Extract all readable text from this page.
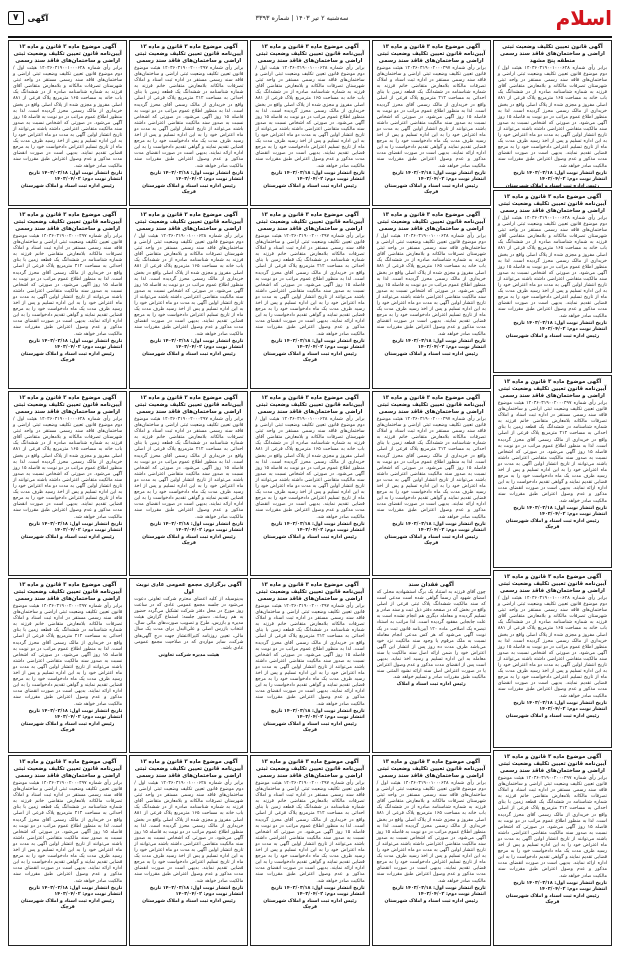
اسلام
سه‌شنبه ۲ تیر ۱۴۰۳ | شماره ۳۳۹۳
آگهی
۷
آگهی قانون تعیین تکلیف وضعیت ثبتی اراضی و ساختمان‌های فاقد سند رسمی منطقه پنج مشهد
برابر رأی شماره ۱۴۰۳۶۰۳۱۹۰۰۱۰۰۰۶۲۸ هیئت اول / دوم موضوع قانون تعیین تکلیف وضعیت ثبتی اراضی و ساختمان‌های فاقد سند رسمی مستقر در واحد ثبتی شهرستان تصرفات مالکانه و بلامعارض متقاضی آقای فرزند به شماره شناسنامه صادره از در ششدانگ یک باب خانه به مساحت ۱۶۵ مترمربع پلاک فرعی از ۸۸۱ اصلی مفروز و مجزی شده از پلاک اصلی واقع در بخش خریداری از مالک رسمی محرز گردیده است. لذا به منظور اطلاع عموم مراتب در دو نوبت به فاصله ۱۵ روز آگهی می‌شود. در صورتی که اشخاص نسبت به صدور سند مالکیت متقاضی اعتراضی داشته باشند می‌توانند از تاریخ انتشار اولین آگهی به مدت دو ماه اعتراض خود را به این اداره تسلیم و پس از اخذ رسید ظرف مدت یک ماه از تاریخ تسلیم اعتراض دادخواست خود را به مرجع قضایی تقدیم نمایند. بدیهی است در صورت انقضای مدت مذکور و عدم وصول اعتراض طبق مقررات سند مالکیت صادر خواهد شد.
تاریخ انتشار نوبت اول: ۱۴۰۳/۰۳/۱۸ تاریخ انتشار نوبت دوم: ۱۴۰۳/۰۴/۰۲
رئیس اداره ثبت اسناد و املاک شهرستان
آگهی موضوع ماده ۳ قانون و ماده ۱۳ آیین‌نامه قانون تعیین تکلیف وضعیت ثبتی اراضی و ساختمان‌های فاقد سند رسمی
برابر رأی شماره ۱۴۰۳۶۰۳۱۹۰۰۱۰۰۰۶۲۸ هیئت اول / دوم موضوع قانون تعیین تکلیف وضعیت ثبتی اراضی و ساختمان‌های فاقد سند رسمی مستقر در واحد ثبتی شهرستان تصرفات مالکانه و بلامعارض متقاضی آقای فرزند به شماره شناسنامه صادره از در ششدانگ یک باب خانه به مساحت ۱۶۵ مترمربع پلاک فرعی از ۸۸۱ اصلی مفروز و مجزی شده از پلاک اصلی واقع در بخش خریداری از مالک رسمی محرز گردیده است. لذا به منظور اطلاع عموم مراتب در دو نوبت به فاصله ۱۵ روز آگهی می‌شود. در صورتی که اشخاص نسبت به صدور سند مالکیت متقاضی اعتراضی داشته باشند می‌توانند از تاریخ انتشار اولین آگهی به مدت دو ماه اعتراض خود را به این اداره تسلیم و پس از اخذ رسید ظرف مدت یک ماه از تاریخ تسلیم اعتراض دادخواست خود را به مرجع قضایی تقدیم نمایند. بدیهی است در صورت انقضای مدت مذکور و عدم وصول اعتراض طبق مقررات سند مالکیت صادر خواهد شد.
تاریخ انتشار نوبت اول: ۱۴۰۳/۰۳/۱۸ تاریخ انتشار نوبت دوم: ۱۴۰۳/۰۴/۰۲
رئیس اداره ثبت اسناد و املاک شهرستان
آگهی موضوع ماده ۳ قانون و ماده ۱۳ آیین‌نامه قانون تعیین تکلیف وضعیت ثبتی اراضی و ساختمان‌های فاقد سند رسمی
برابر رأی شماره ۱۴۰۳۶۰۳۱۹۰۰۲۰۰۰۴۹۷ هیئت موضوع قانون تعیین تکلیف وضعیت ثبتی اراضی و ساختمان‌های فاقد سند رسمی مستقر در اداره ثبت اسناد و املاک تصرفات مالکانه بلامعارض متقاضی خانم فرزند به شماره شناسنامه در ششدانگ یک قطعه زمین با بنای احداثی به مساحت ۲۱۲ مترمربع پلاک فرعی از اصلی واقع در خریداری از مالک رسمی آقای محرز گردیده است. لذا به منظور اطلاع عموم مراتب در دو نوبت به فاصله ۱۵ روز آگهی می‌شود. در صورتی که اشخاص نسبت به صدور سند مالکیت متقاضی اعتراضی داشته باشند می‌توانند از تاریخ انتشار اولین آگهی به مدت دو ماه اعتراض خود را به این اداره تسلیم و پس از اخذ رسید ظرف مدت یک ماه دادخواست خود را به مرجع قضایی تقدیم نمایند و گواهی تقدیم دادخواست را به این اداره ارائه نمایند. بدیهی است در صورت انقضای مدت مذکور و عدم وصول اعتراض طبق مقررات سند مالکیت صادر خواهد شد.
تاریخ انتشار نوبت اول: ۱۴۰۳/۰۳/۱۸ تاریخ انتشار نوبت دوم: ۱۴۰۳/۰۴/۰۲
رئیس اداره ثبت اسناد و املاک شهرستان قرچک
آگهی موضوع ماده ۳ قانون و ماده ۱۳ آیین‌نامه قانون تعیین تکلیف وضعیت ثبتی اراضی و ساختمان‌های فاقد سند رسمی
برابر رأی شماره ۱۴۰۳۶۰۳۱۹۰۰۱۰۰۰۶۲۸ هیئت اول / دوم موضوع قانون تعیین تکلیف وضعیت ثبتی اراضی و ساختمان‌های فاقد سند رسمی مستقر در واحد ثبتی شهرستان تصرفات مالکانه و بلامعارض متقاضی آقای فرزند به شماره شناسنامه صادره از در ششدانگ یک باب خانه به مساحت ۱۶۵ مترمربع پلاک فرعی از ۸۸۱ اصلی مفروز و مجزی شده از پلاک اصلی واقع در بخش خریداری از مالک رسمی محرز گردیده است. لذا به منظور اطلاع عموم مراتب در دو نوبت به فاصله ۱۵ روز آگهی می‌شود. در صورتی که اشخاص نسبت به صدور سند مالکیت متقاضی اعتراضی داشته باشند می‌توانند از تاریخ انتشار اولین آگهی به مدت دو ماه اعتراض خود را به این اداره تسلیم و پس از اخذ رسید ظرف مدت یک ماه از تاریخ تسلیم اعتراض دادخواست خود را به مرجع قضایی تقدیم نمایند. بدیهی است در صورت انقضای مدت مذکور و عدم وصول اعتراض طبق مقررات سند مالکیت صادر خواهد شد.
تاریخ انتشار نوبت اول: ۱۴۰۳/۰۳/۱۸ تاریخ انتشار نوبت دوم: ۱۴۰۳/۰۴/۰۲
رئیس اداره ثبت اسناد و املاک شهرستان
آگهی موضوع ماده ۳ قانون و ماده ۱۳ آیین‌نامه قانون تعیین تکلیف وضعیت ثبتی اراضی و ساختمان‌های فاقد سند رسمی
برابر رأی شماره ۱۴۰۳۶۰۳۱۹۰۰۲۰۰۰۴۹۷ هیئت موضوع قانون تعیین تکلیف وضعیت ثبتی اراضی و ساختمان‌های فاقد سند رسمی مستقر در اداره ثبت اسناد و املاک تصرفات مالکانه بلامعارض متقاضی خانم فرزند به شماره شناسنامه در ششدانگ یک قطعه زمین با بنای احداثی به مساحت ۲۱۲ مترمربع پلاک فرعی از اصلی واقع در خریداری از مالک رسمی آقای محرز گردیده است. لذا به منظور اطلاع عموم مراتب در دو نوبت به فاصله ۱۵ روز آگهی می‌شود. در صورتی که اشخاص نسبت به صدور سند مالکیت متقاضی اعتراضی داشته باشند می‌توانند از تاریخ انتشار اولین آگهی به مدت دو ماه اعتراض خود را به این اداره تسلیم و پس از اخذ رسید ظرف مدت یک ماه دادخواست خود را به مرجع قضایی تقدیم نمایند و گواهی تقدیم دادخواست را به این اداره ارائه نمایند. بدیهی است در صورت انقضای مدت مذکور و عدم وصول اعتراض طبق مقررات سند مالکیت صادر خواهد شد.
تاریخ انتشار نوبت اول: ۱۴۰۳/۰۳/۱۸ تاریخ انتشار نوبت دوم: ۱۴۰۳/۰۴/۰۲
رئیس اداره ثبت اسناد و املاک شهرستان قرچک
آگهی موضوع ماده ۳ قانون و ماده ۱۳ آیین‌نامه قانون تعیین تکلیف وضعیت ثبتی اراضی و ساختمان‌های فاقد سند رسمی
برابر رأی شماره ۱۴۰۳۶۰۳۱۹۰۰۲۰۰۰۴۹۷ هیئت موضوع قانون تعیین تکلیف وضعیت ثبتی اراضی و ساختمان‌های فاقد سند رسمی مستقر در اداره ثبت اسناد و املاک تصرفات مالکانه بلامعارض متقاضی خانم فرزند به شماره شناسنامه در ششدانگ یک قطعه زمین با بنای احداثی به مساحت ۲۱۲ مترمربع پلاک فرعی از اصلی واقع در خریداری از مالک رسمی آقای محرز گردیده است. لذا به منظور اطلاع عموم مراتب در دو نوبت به فاصله ۱۵ روز آگهی می‌شود. در صورتی که اشخاص نسبت به صدور سند مالکیت متقاضی اعتراضی داشته باشند می‌توانند از تاریخ انتشار اولین آگهی به مدت دو ماه اعتراض خود را به این اداره تسلیم و پس از اخذ رسید ظرف مدت یک ماه دادخواست خود را به مرجع قضایی تقدیم نمایند و گواهی تقدیم دادخواست را به این اداره ارائه نمایند. بدیهی است در صورت انقضای مدت مذکور و عدم وصول اعتراض طبق مقررات سند مالکیت صادر خواهد شد.
تاریخ انتشار نوبت اول: ۱۴۰۳/۰۳/۱۸ تاریخ انتشار نوبت دوم: ۱۴۰۳/۰۴/۰۲
رئیس اداره ثبت اسناد و املاک شهرستان قرچک
آگهی موضوع ماده ۳ قانون و ماده ۱۳ آیین‌نامه قانون تعیین تکلیف وضعیت ثبتی اراضی و ساختمان‌های فاقد سند رسمی
برابر رأی شماره ۱۴۰۳۶۰۳۱۹۰۰۱۰۰۰۶۲۸ هیئت اول / دوم موضوع قانون تعیین تکلیف وضعیت ثبتی اراضی و ساختمان‌های فاقد سند رسمی مستقر در واحد ثبتی شهرستان تصرفات مالکانه و بلامعارض متقاضی آقای فرزند به شماره شناسنامه صادره از در ششدانگ یک باب خانه به مساحت ۱۶۵ مترمربع پلاک فرعی از ۸۸۱ اصلی مفروز و مجزی شده از پلاک اصلی واقع در بخش خریداری از مالک رسمی محرز گردیده است. لذا به منظور اطلاع عموم مراتب در دو نوبت به فاصله ۱۵ روز آگهی می‌شود. در صورتی که اشخاص نسبت به صدور سند مالکیت متقاضی اعتراضی داشته باشند می‌توانند از تاریخ انتشار اولین آگهی به مدت دو ماه اعتراض خود را به این اداره تسلیم و پس از اخذ رسید ظرف مدت یک ماه از تاریخ تسلیم اعتراض دادخواست خود را به مرجع قضایی تقدیم نمایند. بدیهی است در صورت انقضای مدت مذکور و عدم وصول اعتراض طبق مقررات سند مالکیت صادر خواهد شد.
تاریخ انتشار نوبت اول: ۱۴۰۳/۰۳/۱۸ تاریخ انتشار نوبت دوم: ۱۴۰۳/۰۴/۰۲
رئیس اداره ثبت اسناد و املاک شهرستان
آگهی موضوع ماده ۳ قانون و ماده ۱۳ آیین‌نامه قانون تعیین تکلیف وضعیت ثبتی اراضی و ساختمان‌های فاقد سند رسمی
برابر رأی شماره ۱۴۰۳۶۰۳۱۹۰۰۲۰۰۰۴۹۷ هیئت موضوع قانون تعیین تکلیف وضعیت ثبتی اراضی و ساختمان‌های فاقد سند رسمی مستقر در اداره ثبت اسناد و املاک تصرفات مالکانه بلامعارض متقاضی خانم فرزند به شماره شناسنامه در ششدانگ یک قطعه زمین با بنای احداثی به مساحت ۲۱۲ مترمربع پلاک فرعی از اصلی واقع در خریداری از مالک رسمی آقای محرز گردیده است. لذا به منظور اطلاع عموم مراتب در دو نوبت به فاصله ۱۵ روز آگهی می‌شود. در صورتی که اشخاص نسبت به صدور سند مالکیت متقاضی اعتراضی داشته باشند می‌توانند از تاریخ انتشار اولین آگهی به مدت دو ماه اعتراض خود را به این اداره تسلیم و پس از اخذ رسید ظرف مدت یک ماه دادخواست خود را به مرجع قضایی تقدیم نمایند و گواهی تقدیم دادخواست را به این اداره ارائه نمایند. بدیهی است در صورت انقضای مدت مذکور و عدم وصول اعتراض طبق مقررات سند مالکیت صادر خواهد شد.
تاریخ انتشار نوبت اول: ۱۴۰۳/۰۳/۱۸ تاریخ انتشار نوبت دوم: ۱۴۰۳/۰۴/۰۲
رئیس اداره ثبت اسناد و املاک شهرستان قرچک
آگهی فقدان سند
چون آقای فرزند به استناد یک برگ استشهادیه محلی که امضای شهود آن رسماً گواهی شده است مدعی است که سند مالکیت ششدانگ پلاک ثبتی فرعی از اصلی واقع در بخش که در صفحه دفتر ذیل ثبت و سند صادر و تسلیم گردیده و معامله دیگری هم انجام نشده است به علت جابجایی مفقود گردیده است. لذا مراتب به استناد تبصره یک اصلاحی ماده ۱۲۰ آیین‌نامه قانون ثبت در یک نوبت آگهی می‌شود که هر کس مدعی انجام معامله نسبت به ملک مرقوم یا وجود سند مالکیت نزد خود می‌باشد ظرف مدت ده روز پس از انتشار این آگهی اعتراض خود را ضمن ارائه اصل سند مالکیت یا سند معامله به این اداره تسلیم و رسید اخذ نماید. بدیهی است پس از انقضای مدت مذکور و عدم وصول اعتراض یا در صورت اعتراض اصل سند ارائه نشود المثنی سند مالکیت طبق مقررات صادر و تسلیم خواهد شد.
رئیس اداره ثبت اسناد و املاک
آگهی موضوع ماده ۳ قانون و ماده ۱۳ آیین‌نامه قانون تعیین تکلیف وضعیت ثبتی اراضی و ساختمان‌های فاقد سند رسمی
برابر رأی شماره ۱۴۰۳۶۰۳۱۹۰۰۱۰۰۰۶۲۸ هیئت اول / دوم موضوع قانون تعیین تکلیف وضعیت ثبتی اراضی و ساختمان‌های فاقد سند رسمی مستقر در واحد ثبتی شهرستان تصرفات مالکانه و بلامعارض متقاضی آقای فرزند به شماره شناسنامه صادره از در ششدانگ یک باب خانه به مساحت ۱۶۵ مترمربع پلاک فرعی از ۸۸۱ اصلی مفروز و مجزی شده از پلاک اصلی واقع در بخش خریداری از مالک رسمی محرز گردیده است. لذا به منظور اطلاع عموم مراتب در دو نوبت به فاصله ۱۵ روز آگهی می‌شود. در صورتی که اشخاص نسبت به صدور سند مالکیت متقاضی اعتراضی داشته باشند می‌توانند از تاریخ انتشار اولین آگهی به مدت دو ماه اعتراض خود را به این اداره تسلیم و پس از اخذ رسید ظرف مدت یک ماه از تاریخ تسلیم اعتراض دادخواست خود را به مرجع قضایی تقدیم نمایند. بدیهی است در صورت انقضای مدت مذکور و عدم وصول اعتراض طبق مقررات سند مالکیت صادر خواهد شد.
تاریخ انتشار نوبت اول: ۱۴۰۳/۰۳/۱۸ تاریخ انتشار نوبت دوم: ۱۴۰۳/۰۴/۰۲
رئیس اداره ثبت اسناد و املاک شهرستان
آگهی موضوع ماده ۳ قانون و ماده ۱۳ آیین‌نامه قانون تعیین تکلیف وضعیت ثبتی اراضی و ساختمان‌های فاقد سند رسمی
برابر رأی شماره ۱۴۰۳۶۰۳۱۹۰۰۱۰۰۰۶۲۸ هیئت اول / دوم موضوع قانون تعیین تکلیف وضعیت ثبتی اراضی و ساختمان‌های فاقد سند رسمی مستقر در واحد ثبتی شهرستان تصرفات مالکانه و بلامعارض متقاضی آقای فرزند به شماره شناسنامه صادره از در ششدانگ یک باب خانه به مساحت ۱۶۵ مترمربع پلاک فرعی از ۸۸۱ اصلی مفروز و مجزی شده از پلاک اصلی واقع در بخش خریداری از مالک رسمی محرز گردیده است. لذا به منظور اطلاع عموم مراتب در دو نوبت به فاصله ۱۵ روز آگهی می‌شود. در صورتی که اشخاص نسبت به صدور سند مالکیت متقاضی اعتراضی داشته باشند می‌توانند از تاریخ انتشار اولین آگهی به مدت دو ماه اعتراض خود را به این اداره تسلیم و پس از اخذ رسید ظرف مدت یک ماه از تاریخ تسلیم اعتراض دادخواست خود را به مرجع قضایی تقدیم نمایند. بدیهی است در صورت انقضای مدت مذکور و عدم وصول اعتراض طبق مقررات سند مالکیت صادر خواهد شد.
تاریخ انتشار نوبت اول: ۱۴۰۳/۰۳/۱۸ تاریخ انتشار نوبت دوم: ۱۴۰۳/۰۴/۰۲
رئیس اداره ثبت اسناد و املاک شهرستان
آگهی موضوع ماده ۳ قانون و ماده ۱۳ آیین‌نامه قانون تعیین تکلیف وضعیت ثبتی اراضی و ساختمان‌های فاقد سند رسمی
برابر رأی شماره ۱۴۰۳۶۰۳۱۹۰۰۲۰۰۰۴۹۷ هیئت موضوع قانون تعیین تکلیف وضعیت ثبتی اراضی و ساختمان‌های فاقد سند رسمی مستقر در اداره ثبت اسناد و املاک تصرفات مالکانه بلامعارض متقاضی خانم فرزند به شماره شناسنامه در ششدانگ یک قطعه زمین با بنای احداثی به مساحت ۲۱۲ مترمربع پلاک فرعی از اصلی واقع در خریداری از مالک رسمی آقای محرز گردیده است. لذا به منظور اطلاع عموم مراتب در دو نوبت به فاصله ۱۵ روز آگهی می‌شود. در صورتی که اشخاص نسبت به صدور سند مالکیت متقاضی اعتراضی داشته باشند می‌توانند از تاریخ انتشار اولین آگهی به مدت دو ماه اعتراض خود را به این اداره تسلیم و پس از اخذ رسید ظرف مدت یک ماه دادخواست خود را به مرجع قضایی تقدیم نمایند و گواهی تقدیم دادخواست را به این اداره ارائه نمایند. بدیهی است در صورت انقضای مدت مذکور و عدم وصول اعتراض طبق مقررات سند مالکیت صادر خواهد شد.
تاریخ انتشار نوبت اول: ۱۴۰۳/۰۳/۱۸ تاریخ انتشار نوبت دوم: ۱۴۰۳/۰۴/۰۲
رئیس اداره ثبت اسناد و املاک شهرستان قرچک
آگهی موضوع ماده ۳ قانون و ماده ۱۳ آیین‌نامه قانون تعیین تکلیف وضعیت ثبتی اراضی و ساختمان‌های فاقد سند رسمی
برابر رأی شماره ۱۴۰۳۶۰۳۱۹۰۰۱۰۰۰۶۲۸ هیئت اول / دوم موضوع قانون تعیین تکلیف وضعیت ثبتی اراضی و ساختمان‌های فاقد سند رسمی مستقر در واحد ثبتی شهرستان تصرفات مالکانه و بلامعارض متقاضی آقای فرزند به شماره شناسنامه صادره از در ششدانگ یک باب خانه به مساحت ۱۶۵ مترمربع پلاک فرعی از ۸۸۱ اصلی مفروز و مجزی شده از پلاک اصلی واقع در بخش خریداری از مالک رسمی محرز گردیده است. لذا به منظور اطلاع عموم مراتب در دو نوبت به فاصله ۱۵ روز آگهی می‌شود. در صورتی که اشخاص نسبت به صدور سند مالکیت متقاضی اعتراضی داشته باشند می‌توانند از تاریخ انتشار اولین آگهی به مدت دو ماه اعتراض خود را به این اداره تسلیم و پس از اخذ رسید ظرف مدت یک ماه از تاریخ تسلیم اعتراض دادخواست خود را به مرجع قضایی تقدیم نمایند. بدیهی است در صورت انقضای مدت مذکور و عدم وصول اعتراض طبق مقررات سند مالکیت صادر خواهد شد.
تاریخ انتشار نوبت اول: ۱۴۰۳/۰۳/۱۸ تاریخ انتشار نوبت دوم: ۱۴۰۳/۰۴/۰۲
رئیس اداره ثبت اسناد و املاک شهرستان
آگهی موضوع ماده ۳ قانون و ماده ۱۳ آیین‌نامه قانون تعیین تکلیف وضعیت ثبتی اراضی و ساختمان‌های فاقد سند رسمی
برابر رأی شماره ۱۴۰۳۶۰۳۱۹۰۰۲۰۰۰۴۹۷ هیئت موضوع قانون تعیین تکلیف وضعیت ثبتی اراضی و ساختمان‌های فاقد سند رسمی مستقر در اداره ثبت اسناد و املاک تصرفات مالکانه بلامعارض متقاضی خانم فرزند به شماره شناسنامه در ششدانگ یک قطعه زمین با بنای احداثی به مساحت ۲۱۲ مترمربع پلاک فرعی از اصلی واقع در خریداری از مالک رسمی آقای محرز گردیده است. لذا به منظور اطلاع عموم مراتب در دو نوبت به فاصله ۱۵ روز آگهی می‌شود. در صورتی که اشخاص نسبت به صدور سند مالکیت متقاضی اعتراضی داشته باشند می‌توانند از تاریخ انتشار اولین آگهی به مدت دو ماه اعتراض خود را به این اداره تسلیم و پس از اخذ رسید ظرف مدت یک ماه دادخواست خود را به مرجع قضایی تقدیم نمایند و گواهی تقدیم دادخواست را به این اداره ارائه نمایند. بدیهی است در صورت انقضای مدت مذکور و عدم وصول اعتراض طبق مقررات سند مالکیت صادر خواهد شد.
تاریخ انتشار نوبت اول: ۱۴۰۳/۰۳/۱۸ تاریخ انتشار نوبت دوم: ۱۴۰۳/۰۴/۰۲
رئیس اداره ثبت اسناد و املاک شهرستان قرچک
آگهی موضوع ماده ۳ قانون و ماده ۱۳ آیین‌نامه قانون تعیین تکلیف وضعیت ثبتی اراضی و ساختمان‌های فاقد سند رسمی
برابر رأی شماره ۱۴۰۳۶۰۳۱۹۰۰۲۰۰۰۴۹۷ هیئت موضوع قانون تعیین تکلیف وضعیت ثبتی اراضی و ساختمان‌های فاقد سند رسمی مستقر در اداره ثبت اسناد و املاک تصرفات مالکانه بلامعارض متقاضی خانم فرزند به شماره شناسنامه در ششدانگ یک قطعه زمین با بنای احداثی به مساحت ۲۱۲ مترمربع پلاک فرعی از اصلی واقع در خریداری از مالک رسمی آقای محرز گردیده است. لذا به منظور اطلاع عموم مراتب در دو نوبت به فاصله ۱۵ روز آگهی می‌شود. در صورتی که اشخاص نسبت به صدور سند مالکیت متقاضی اعتراضی داشته باشند می‌توانند از تاریخ انتشار اولین آگهی به مدت دو ماه اعتراض خود را به این اداره تسلیم و پس از اخذ رسید ظرف مدت یک ماه دادخواست خود را به مرجع قضایی تقدیم نمایند و گواهی تقدیم دادخواست را به این اداره ارائه نمایند. بدیهی است در صورت انقضای مدت مذکور و عدم وصول اعتراض طبق مقررات سند مالکیت صادر خواهد شد.
تاریخ انتشار نوبت اول: ۱۴۰۳/۰۳/۱۸ تاریخ انتشار نوبت دوم: ۱۴۰۳/۰۴/۰۲
رئیس اداره ثبت اسناد و املاک شهرستان قرچک
آگهی موضوع ماده ۳ قانون و ماده ۱۳ آیین‌نامه قانون تعیین تکلیف وضعیت ثبتی اراضی و ساختمان‌های فاقد سند رسمی
برابر رأی شماره ۱۴۰۳۶۰۳۱۹۰۰۲۰۰۰۴۹۷ هیئت موضوع قانون تعیین تکلیف وضعیت ثبتی اراضی و ساختمان‌های فاقد سند رسمی مستقر در اداره ثبت اسناد و املاک تصرفات مالکانه بلامعارض متقاضی خانم فرزند به شماره شناسنامه در ششدانگ یک قطعه زمین با بنای احداثی به مساحت ۲۱۲ مترمربع پلاک فرعی از اصلی واقع در خریداری از مالک رسمی آقای محرز گردیده است. لذا به منظور اطلاع عموم مراتب در دو نوبت به فاصله ۱۵ روز آگهی می‌شود. در صورتی که اشخاص نسبت به صدور سند مالکیت متقاضی اعتراضی داشته باشند می‌توانند از تاریخ انتشار اولین آگهی به مدت دو ماه اعتراض خود را به این اداره تسلیم و پس از اخذ رسید ظرف مدت یک ماه دادخواست خود را به مرجع قضایی تقدیم نمایند و گواهی تقدیم دادخواست را به این اداره ارائه نمایند. بدیهی است در صورت انقضای مدت مذکور و عدم وصول اعتراض طبق مقررات سند مالکیت صادر خواهد شد.
تاریخ انتشار نوبت اول: ۱۴۰۳/۰۳/۱۸ تاریخ انتشار نوبت دوم: ۱۴۰۳/۰۴/۰۲
رئیس اداره ثبت اسناد و املاک شهرستان قرچک
آگهی موضوع ماده ۳ قانون و ماده ۱۳ آیین‌نامه قانون تعیین تکلیف وضعیت ثبتی اراضی و ساختمان‌های فاقد سند رسمی
برابر رأی شماره ۱۴۰۳۶۰۳۱۹۰۰۱۰۰۰۶۲۸ هیئت اول / دوم موضوع قانون تعیین تکلیف وضعیت ثبتی اراضی و ساختمان‌های فاقد سند رسمی مستقر در واحد ثبتی شهرستان تصرفات مالکانه و بلامعارض متقاضی آقای فرزند به شماره شناسنامه صادره از در ششدانگ یک باب خانه به مساحت ۱۶۵ مترمربع پلاک فرعی از ۸۸۱ اصلی مفروز و مجزی شده از پلاک اصلی واقع در بخش خریداری از مالک رسمی محرز گردیده است. لذا به منظور اطلاع عموم مراتب در دو نوبت به فاصله ۱۵ روز آگهی می‌شود. در صورتی که اشخاص نسبت به صدور سند مالکیت متقاضی اعتراضی داشته باشند می‌توانند از تاریخ انتشار اولین آگهی به مدت دو ماه اعتراض خود را به این اداره تسلیم و پس از اخذ رسید ظرف مدت یک ماه از تاریخ تسلیم اعتراض دادخواست خود را به مرجع قضایی تقدیم نمایند. بدیهی است در صورت انقضای مدت مذکور و عدم وصول اعتراض طبق مقررات سند مالکیت صادر خواهد شد.
تاریخ انتشار نوبت اول: ۱۴۰۳/۰۳/۱۸ تاریخ انتشار نوبت دوم: ۱۴۰۳/۰۴/۰۲
رئیس اداره ثبت اسناد و املاک شهرستان
آگهی موضوع ماده ۳ قانون و ماده ۱۳ آیین‌نامه قانون تعیین تکلیف وضعیت ثبتی اراضی و ساختمان‌های فاقد سند رسمی
برابر رأی شماره ۱۴۰۳۶۰۳۱۹۰۰۲۰۰۰۴۹۷ هیئت موضوع قانون تعیین تکلیف وضعیت ثبتی اراضی و ساختمان‌های فاقد سند رسمی مستقر در اداره ثبت اسناد و املاک تصرفات مالکانه بلامعارض متقاضی خانم فرزند به شماره شناسنامه در ششدانگ یک قطعه زمین با بنای احداثی به مساحت ۲۱۲ مترمربع پلاک فرعی از اصلی واقع در خریداری از مالک رسمی آقای محرز گردیده است. لذا به منظور اطلاع عموم مراتب در دو نوبت به فاصله ۱۵ روز آگهی می‌شود. در صورتی که اشخاص نسبت به صدور سند مالکیت متقاضی اعتراضی داشته باشند می‌توانند از تاریخ انتشار اولین آگهی به مدت دو ماه اعتراض خود را به این اداره تسلیم و پس از اخذ رسید ظرف مدت یک ماه دادخواست خود را به مرجع قضایی تقدیم نمایند و گواهی تقدیم دادخواست را به این اداره ارائه نمایند. بدیهی است در صورت انقضای مدت مذکور و عدم وصول اعتراض طبق مقررات سند مالکیت صادر خواهد شد.
تاریخ انتشار نوبت اول: ۱۴۰۳/۰۳/۱۸ تاریخ انتشار نوبت دوم: ۱۴۰۳/۰۴/۰۲
رئیس اداره ثبت اسناد و املاک شهرستان قرچک
آگهی برگزاری مجمع عمومی عادی نوبت اول
بدینوسیله از کلیه اعضای محترم شرکت تعاونی دعوت می‌شود در جلسه مجمع عمومی عادی که در ساعت روز مورخ در محل دفتر شرکت تشکیل می‌گردد حضور به هم رسانند. دستور جلسه: استماع گزارش هیئت مدیره و بازرس، طرح و تصویب صورت‌های مالی سال، انتخاب بازرس اصلی و علی‌البدل برای مدت یک سال مالی، تعیین روزنامه کثیرالانتشار جهت درج آگهی‌های شرکت، سایر مواردی که در صلاحیت مجمع عمومی عادی باشد.
هیئت مدیره شرکت تعاونی
آگهی موضوع ماده ۳ قانون و ماده ۱۳ آیین‌نامه قانون تعیین تکلیف وضعیت ثبتی اراضی و ساختمان‌های فاقد سند رسمی
برابر رأی شماره ۱۴۰۳۶۰۳۱۹۰۰۱۰۰۰۶۲۸ هیئت اول / دوم موضوع قانون تعیین تکلیف وضعیت ثبتی اراضی و ساختمان‌های فاقد سند رسمی مستقر در واحد ثبتی شهرستان تصرفات مالکانه و بلامعارض متقاضی آقای فرزند به شماره شناسنامه صادره از در ششدانگ یک باب خانه به مساحت ۱۶۵ مترمربع پلاک فرعی از ۸۸۱ اصلی مفروز و مجزی شده از پلاک اصلی واقع در بخش خریداری از مالک رسمی محرز گردیده است. لذا به منظور اطلاع عموم مراتب در دو نوبت به فاصله ۱۵ روز آگهی می‌شود. در صورتی که اشخاص نسبت به صدور سند مالکیت متقاضی اعتراضی داشته باشند می‌توانند از تاریخ انتشار اولین آگهی به مدت دو ماه اعتراض خود را به این اداره تسلیم و پس از اخذ رسید ظرف مدت یک ماه از تاریخ تسلیم اعتراض دادخواست خود را به مرجع قضایی تقدیم نمایند. بدیهی است در صورت انقضای مدت مذکور و عدم وصول اعتراض طبق مقررات سند مالکیت صادر خواهد شد.
تاریخ انتشار نوبت اول: ۱۴۰۳/۰۳/۱۸ تاریخ انتشار نوبت دوم: ۱۴۰۳/۰۴/۰۲
رئیس اداره ثبت اسناد و املاک شهرستان
آگهی موضوع ماده ۳ قانون و ماده ۱۳ آیین‌نامه قانون تعیین تکلیف وضعیت ثبتی اراضی و ساختمان‌های فاقد سند رسمی
برابر رأی شماره ۱۴۰۳۶۰۳۱۹۰۰۱۰۰۰۶۲۸ هیئت اول / دوم موضوع قانون تعیین تکلیف وضعیت ثبتی اراضی و ساختمان‌های فاقد سند رسمی مستقر در واحد ثبتی شهرستان تصرفات مالکانه و بلامعارض متقاضی آقای فرزند به شماره شناسنامه صادره از در ششدانگ یک باب خانه به مساحت ۱۶۵ مترمربع پلاک فرعی از ۸۸۱ اصلی مفروز و مجزی شده از پلاک اصلی واقع در بخش خریداری از مالک رسمی محرز گردیده است. لذا به منظور اطلاع عموم مراتب در دو نوبت به فاصله ۱۵ روز آگهی می‌شود. در صورتی که اشخاص نسبت به صدور سند مالکیت متقاضی اعتراضی داشته باشند می‌توانند از تاریخ انتشار اولین آگهی به مدت دو ماه اعتراض خود را به این اداره تسلیم و پس از اخذ رسید ظرف مدت یک ماه از تاریخ تسلیم اعتراض دادخواست خود را به مرجع قضایی تقدیم نمایند. بدیهی است در صورت انقضای مدت مذکور و عدم وصول اعتراض طبق مقررات سند مالکیت صادر خواهد شد.
تاریخ انتشار نوبت اول: ۱۴۰۳/۰۳/۱۸ تاریخ انتشار نوبت دوم: ۱۴۰۳/۰۴/۰۲
رئیس اداره ثبت اسناد و املاک شهرستان
آگهی موضوع ماده ۳ قانون و ماده ۱۳ آیین‌نامه قانون تعیین تکلیف وضعیت ثبتی اراضی و ساختمان‌های فاقد سند رسمی
برابر رأی شماره ۱۴۰۳۶۰۳۱۹۰۰۲۰۰۰۴۹۷ هیئت موضوع قانون تعیین تکلیف وضعیت ثبتی اراضی و ساختمان‌های فاقد سند رسمی مستقر در اداره ثبت اسناد و املاک تصرفات مالکانه بلامعارض متقاضی خانم فرزند به شماره شناسنامه در ششدانگ یک قطعه زمین با بنای احداثی به مساحت ۲۱۲ مترمربع پلاک فرعی از اصلی واقع در خریداری از مالک رسمی آقای محرز گردیده است. لذا به منظور اطلاع عموم مراتب در دو نوبت به فاصله ۱۵ روز آگهی می‌شود. در صورتی که اشخاص نسبت به صدور سند مالکیت متقاضی اعتراضی داشته باشند می‌توانند از تاریخ انتشار اولین آگهی به مدت دو ماه اعتراض خود را به این اداره تسلیم و پس از اخذ رسید ظرف مدت یک ماه دادخواست خود را به مرجع قضایی تقدیم نمایند و گواهی تقدیم دادخواست را به این اداره ارائه نمایند. بدیهی است در صورت انقضای مدت مذکور و عدم وصول اعتراض طبق مقررات سند مالکیت صادر خواهد شد.
تاریخ انتشار نوبت اول: ۱۴۰۳/۰۳/۱۸ تاریخ انتشار نوبت دوم: ۱۴۰۳/۰۴/۰۲
رئیس اداره ثبت اسناد و املاک شهرستان قرچک
آگهی موضوع ماده ۳ قانون و ماده ۱۳ آیین‌نامه قانون تعیین تکلیف وضعیت ثبتی اراضی و ساختمان‌های فاقد سند رسمی
برابر رأی شماره ۱۴۰۳۶۰۳۱۹۰۰۱۰۰۰۶۲۸ هیئت اول / دوم موضوع قانون تعیین تکلیف وضعیت ثبتی اراضی و ساختمان‌های فاقد سند رسمی مستقر در واحد ثبتی شهرستان تصرفات مالکانه و بلامعارض متقاضی آقای فرزند به شماره شناسنامه صادره از در ششدانگ یک باب خانه به مساحت ۱۶۵ مترمربع پلاک فرعی از ۸۸۱ اصلی مفروز و مجزی شده از پلاک اصلی واقع در بخش خریداری از مالک رسمی محرز گردیده است. لذا به منظور اطلاع عموم مراتب در دو نوبت به فاصله ۱۵ روز آگهی می‌شود. در صورتی که اشخاص نسبت به صدور سند مالکیت متقاضی اعتراضی داشته باشند می‌توانند از تاریخ انتشار اولین آگهی به مدت دو ماه اعتراض خود را به این اداره تسلیم و پس از اخذ رسید ظرف مدت یک ماه از تاریخ تسلیم اعتراض دادخواست خود را به مرجع قضایی تقدیم نمایند. بدیهی است در صورت انقضای مدت مذکور و عدم وصول اعتراض طبق مقررات سند مالکیت صادر خواهد شد.
تاریخ انتشار نوبت اول: ۱۴۰۳/۰۳/۱۸ تاریخ انتشار نوبت دوم: ۱۴۰۳/۰۴/۰۲
رئیس اداره ثبت اسناد و املاک شهرستان
آگهی موضوع ماده ۳ قانون و ماده ۱۳ آیین‌نامه قانون تعیین تکلیف وضعیت ثبتی اراضی و ساختمان‌های فاقد سند رسمی
برابر رأی شماره ۱۴۰۳۶۰۳۱۹۰۰۲۰۰۰۴۹۷ هیئت موضوع قانون تعیین تکلیف وضعیت ثبتی اراضی و ساختمان‌های فاقد سند رسمی مستقر در اداره ثبت اسناد و املاک تصرفات مالکانه بلامعارض متقاضی خانم فرزند به شماره شناسنامه در ششدانگ یک قطعه زمین با بنای احداثی به مساحت ۲۱۲ مترمربع پلاک فرعی از اصلی واقع در خریداری از مالک رسمی آقای محرز گردیده است. لذا به منظور اطلاع عموم مراتب در دو نوبت به فاصله ۱۵ روز آگهی می‌شود. در صورتی که اشخاص نسبت به صدور سند مالکیت متقاضی اعتراضی داشته باشند می‌توانند از تاریخ انتشار اولین آگهی به مدت دو ماه اعتراض خود را به این اداره تسلیم و پس از اخذ رسید ظرف مدت یک ماه دادخواست خود را به مرجع قضایی تقدیم نمایند و گواهی تقدیم دادخواست را به این اداره ارائه نمایند. بدیهی است در صورت انقضای مدت مذکور و عدم وصول اعتراض طبق مقررات سند مالکیت صادر خواهد شد.
تاریخ انتشار نوبت اول: ۱۴۰۳/۰۳/۱۸ تاریخ انتشار نوبت دوم: ۱۴۰۳/۰۴/۰۲
رئیس اداره ثبت اسناد و املاک شهرستان قرچک
آگهی موضوع ماده ۳ قانون و ماده ۱۳ آیین‌نامه قانون تعیین تکلیف وضعیت ثبتی اراضی و ساختمان‌های فاقد سند رسمی
برابر رأی شماره ۱۴۰۳۶۰۳۱۹۰۰۲۰۰۰۴۹۷ هیئت موضوع قانون تعیین تکلیف وضعیت ثبتی اراضی و ساختمان‌های فاقد سند رسمی مستقر در اداره ثبت اسناد و املاک تصرفات مالکانه بلامعارض متقاضی خانم فرزند به شماره شناسنامه در ششدانگ یک قطعه زمین با بنای احداثی به مساحت ۲۱۲ مترمربع پلاک فرعی از اصلی واقع در خریداری از مالک رسمی آقای محرز گردیده است. لذا به منظور اطلاع عموم مراتب در دو نوبت به فاصله ۱۵ روز آگهی می‌شود. در صورتی که اشخاص نسبت به صدور سند مالکیت متقاضی اعتراضی داشته باشند می‌توانند از تاریخ انتشار اولین آگهی به مدت دو ماه اعتراض خود را به این اداره تسلیم و پس از اخذ رسید ظرف مدت یک ماه دادخواست خود را به مرجع قضایی تقدیم نمایند و گواهی تقدیم دادخواست را به این اداره ارائه نمایند. بدیهی است در صورت انقضای مدت مذکور و عدم وصول اعتراض طبق مقررات سند مالکیت صادر خواهد شد.
تاریخ انتشار نوبت اول: ۱۴۰۳/۰۳/۱۸ تاریخ انتشار نوبت دوم: ۱۴۰۳/۰۴/۰۲
رئیس اداره ثبت اسناد و املاک شهرستان قرچک
